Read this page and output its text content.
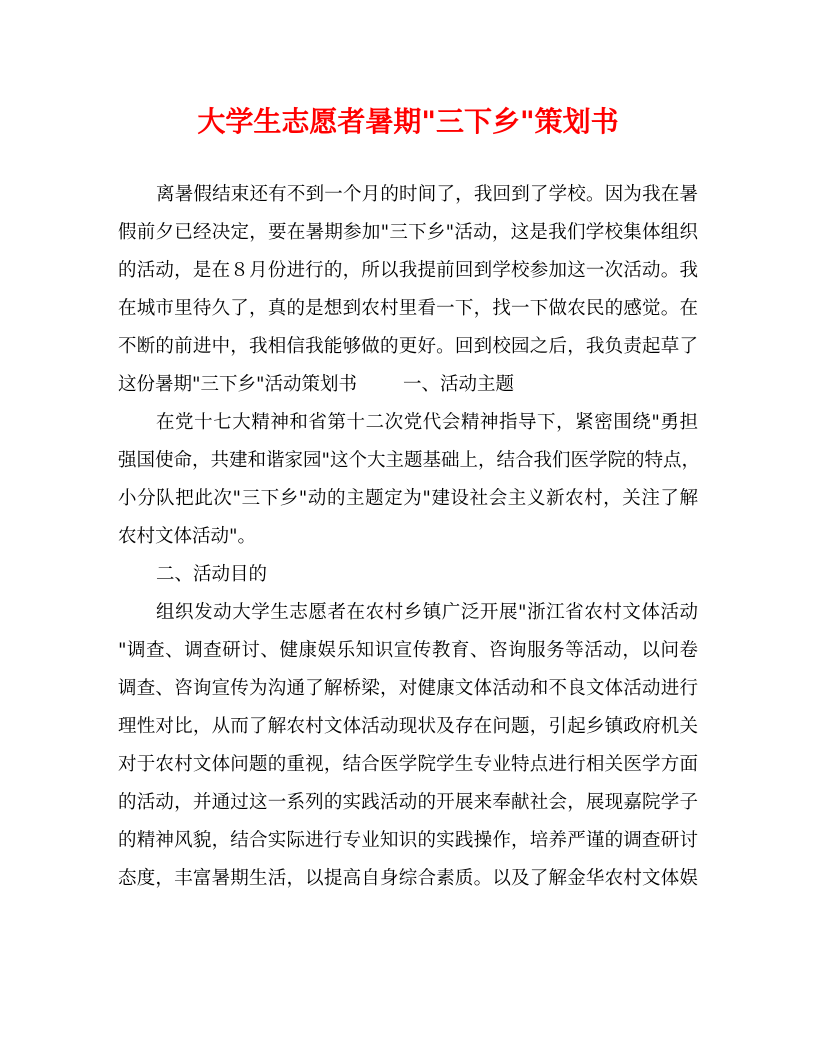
大学生志愿者暑期"三下乡"策划书
离暑假结束还有不到一个月的时间了，我回到了学校。因为我在暑
假前夕已经决定，要在暑期参加"三下乡"活动，这是我们学校集体组织
的活动，是在８月份进行的，所以我提前回到学校参加这一次活动。我
在城市里待久了，真的是想到农村里看一下，找一下做农民的感觉。在
不断的前进中，我相信我能够做的更好。回到校园之后，我负责起草了
这份暑期"三下乡"活动策划书 一、活动主题
在党十七大精神和省第十二次党代会精神指导下，紧密围绕"勇担
强国使命，共建和谐家园"这个大主题基础上，结合我们医学院的特点，
小分队把此次"三下乡"动的主题定为"建设社会主义新农村，关注了解
农村文体活动"。
二、活动目的
组织发动大学生志愿者在农村乡镇广泛开展"浙江省农村文体活动
"调查、调查研讨、健康娱乐知识宣传教育、咨询服务等活动，以问卷
调查、咨询宣传为沟通了解桥梁，对健康文体活动和不良文体活动进行
理性对比，从而了解农村文体活动现状及存在问题，引起乡镇政府机关
对于农村文体问题的重视，结合医学院学生专业特点进行相关医学方面
的活动，并通过这一系列的实践活动的开展来奉献社会，展现嘉院学子
的精神风貌，结合实际进行专业知识的实践操作，培养严谨的调查研讨
态度，丰富暑期生活，以提高自身综合素质。以及了解金华农村文体娱
